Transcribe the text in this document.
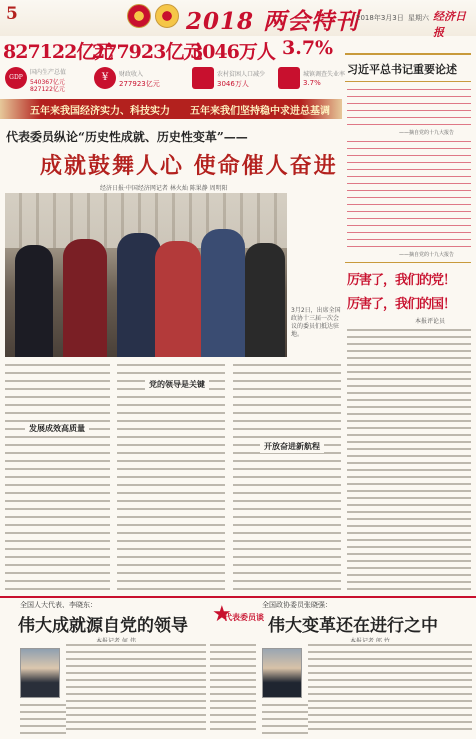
5	2018 两会特刊
2018年3月3日 星期六 经济日报
827122亿元
GDP
国内生产总值
540367亿元 827122亿元
277923亿元
¥	财政收入
277923亿元
3046万人
农村贫困人口减少
3046万人
3.7%
城镇调查失业率
3.7%
五年来我国经济实力、科技实力 五年来我们坚持稳中求进总基调
代表委员纵论“历史性成就、历史性变革”——
成就鼓舞人心 使命催人奋进
经济日报·中国经济网记者 林火灿 陈果静 周明阳
3月2日，出席全国政协十三届一次会议的委员们抵达驻地。
发展成效高质量
党的领导是关键
开放奋进新航程
习近平总书记重要论述
——摘自党的十九大报告
——摘自党的十九大报告
厉害了，我们的党！
厉害了，我们的国！
本报评论员
全国人大代表、李晓东：
伟大成就源自党的领导 ★
代表委员谈
全国政协委员张晓强：
伟大变革还在进行之中
